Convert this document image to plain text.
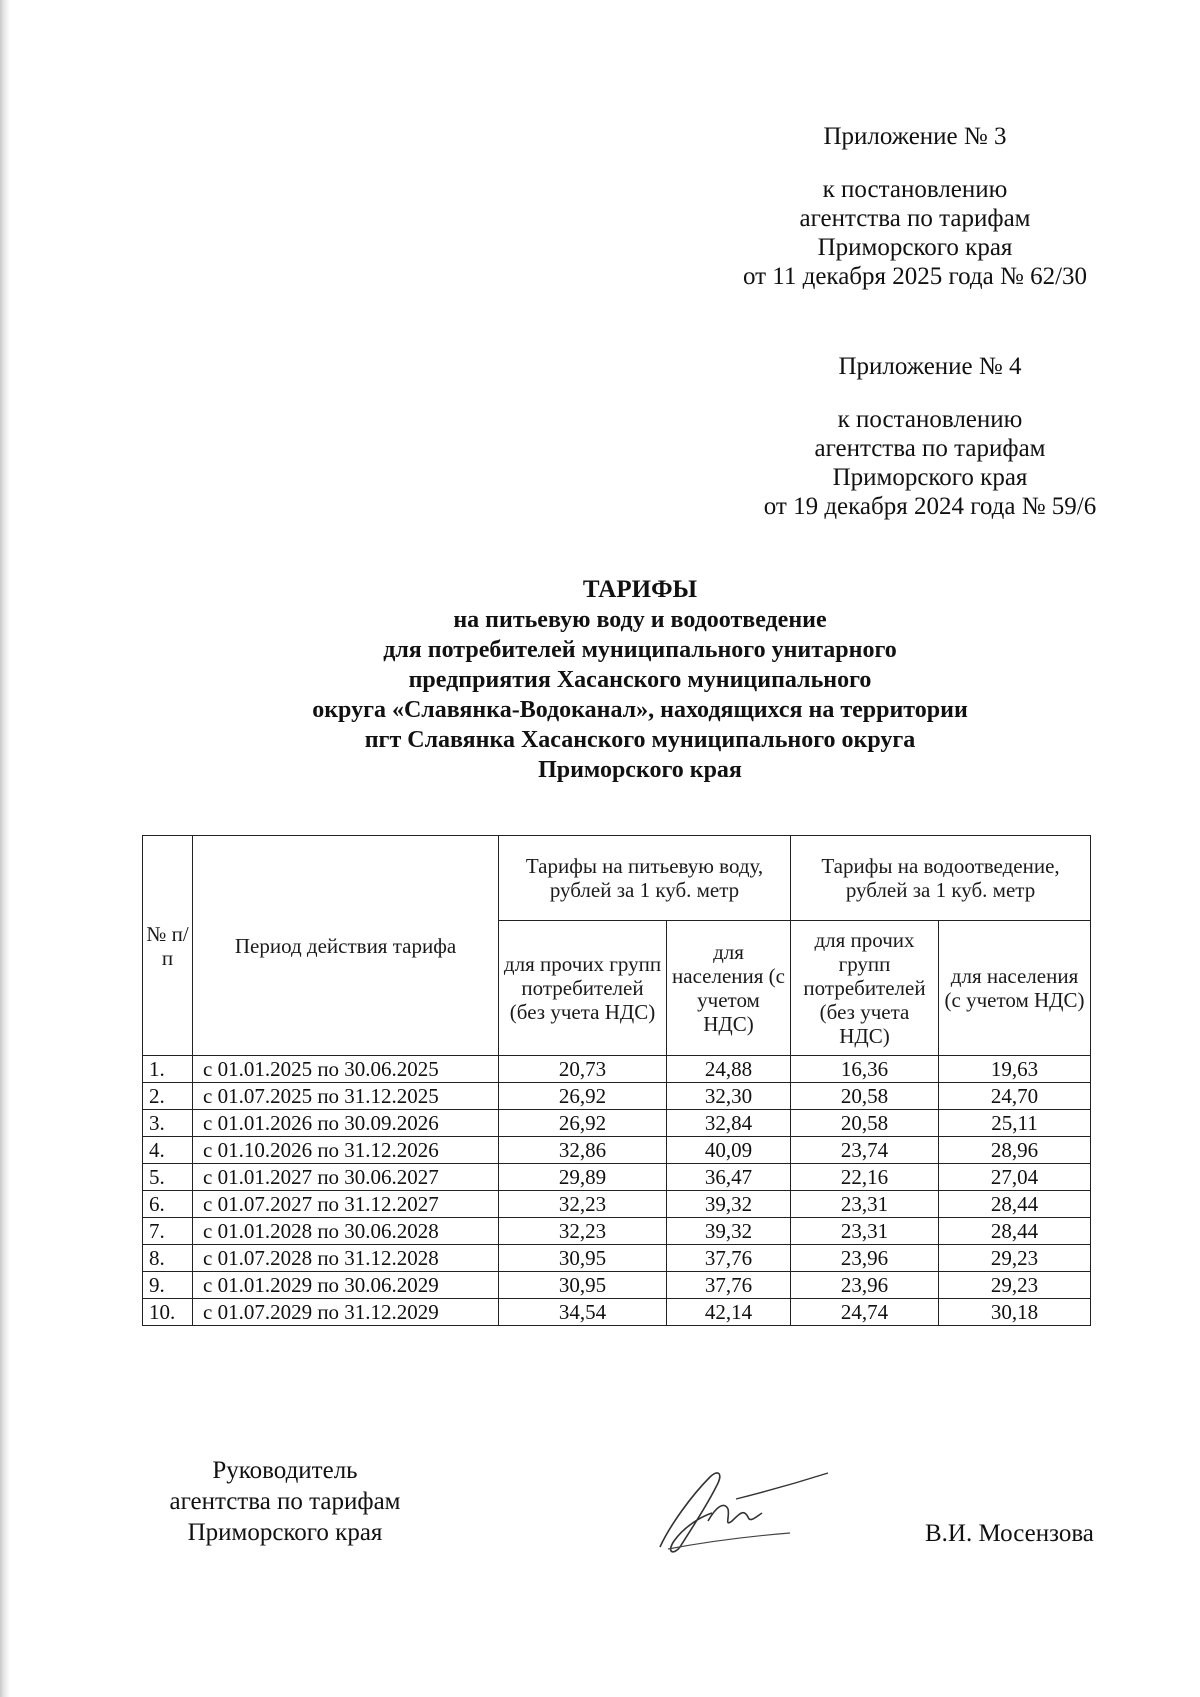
Приложение № 3

к постановлению

агентства по тарифам

Приморского края

от 11 декабря 2025 года № 62/30

Приложение № 4

к постановлению

агентства по тарифам

Приморского края

от 19 декабря 2024 года № 59/6

ТАРИФЫ

на питьевую воду и водоотведение

для потребителей муниципального унитарного

предприятия Хасанского муниципального

округа «Славянка-Водоканал», находящихся на территории

пгт Славянка Хасанского муниципального округа

Приморского края

№ п/ п	Период действия тарифа	Тарифы на питьевую воду, рублей за 1 куб. метр		Тарифы на водоотведение, рублей за 1 куб. метр	
		для прочих групп потребителей (без учета НДС)	для населения (с учетом НДС)	для прочих групп потребителей (без учета НДС)	для населения (с учетом НДС)
1.	с 01.01.2025 по 30.06.2025	20,73	24,88	16,36	19,63
2.	с 01.07.2025 по 31.12.2025	26,92	32,30	20,58	24,70
3.	с 01.01.2026 по 30.09.2026	26,92	32,84	20,58	25,11
4.	с 01.10.2026 по 31.12.2026	32,86	40,09	23,74	28,96
5.	с 01.01.2027 по 30.06.2027	29,89	36,47	22,16	27,04
6.	с 01.07.2027 по 31.12.2027	32,23	39,32	23,31	28,44
7.	с 01.01.2028 по 30.06.2028	32,23	39,32	23,31	28,44
8.	с 01.07.2028 по 31.12.2028	30,95	37,76	23,96	29,23
9.	с 01.01.2029 по 30.06.2029	30,95	37,76	23,96	29,23
10.	с 01.07.2029 по 31.12.2029	34,54	42,14	24,74	30,18

Руководитель

агентства по тарифам

Приморского края	В.И. Мосензова
